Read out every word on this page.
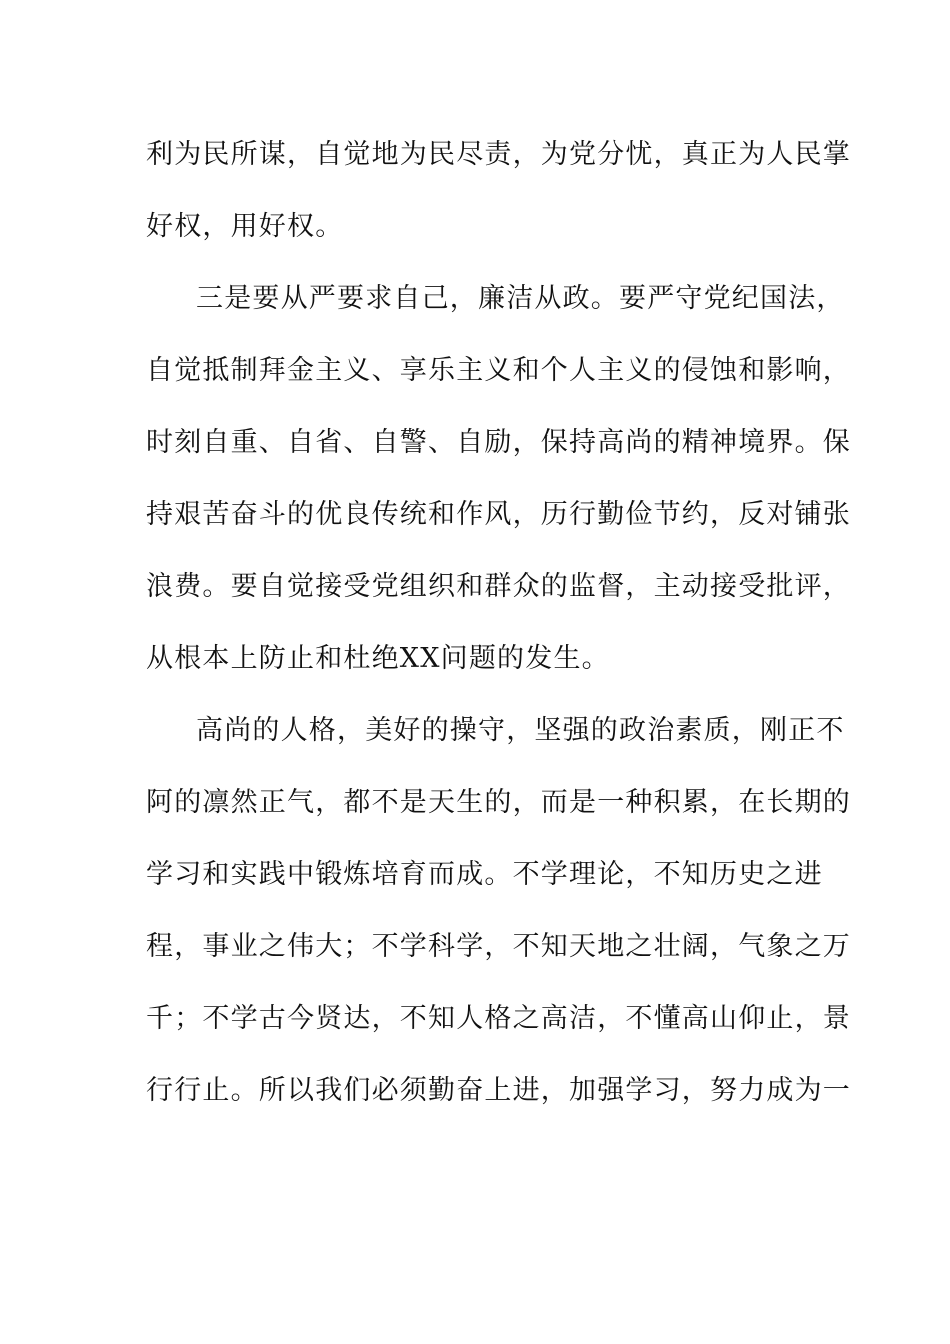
利为民所谋，自觉地为民尽责，为党分忧，真正为人民掌
好权，用好权。
三是要从严要求自己，廉洁从政。要严守党纪国法，
自觉抵制拜金主义、享乐主义和个人主义的侵蚀和影响，
时刻自重、自省、自警、自励，保持高尚的精神境界。保
持艰苦奋斗的优良传统和作风，历行勤俭节约，反对铺张
浪费。要自觉接受党组织和群众的监督，主动接受批评，
从根本上防止和杜绝XX问题的发生。
高尚的人格，美好的操守，坚强的政治素质，刚正不
阿的凛然正气，都不是天生的，而是一种积累，在长期的
学习和实践中锻炼培育而成。不学理论，不知历史之进
程，事业之伟大；不学科学，不知天地之壮阔，气象之万
千；不学古今贤达，不知人格之高洁，不懂高山仰止，景
行行止。所以我们必须勤奋上进，加强学习，努力成为一
